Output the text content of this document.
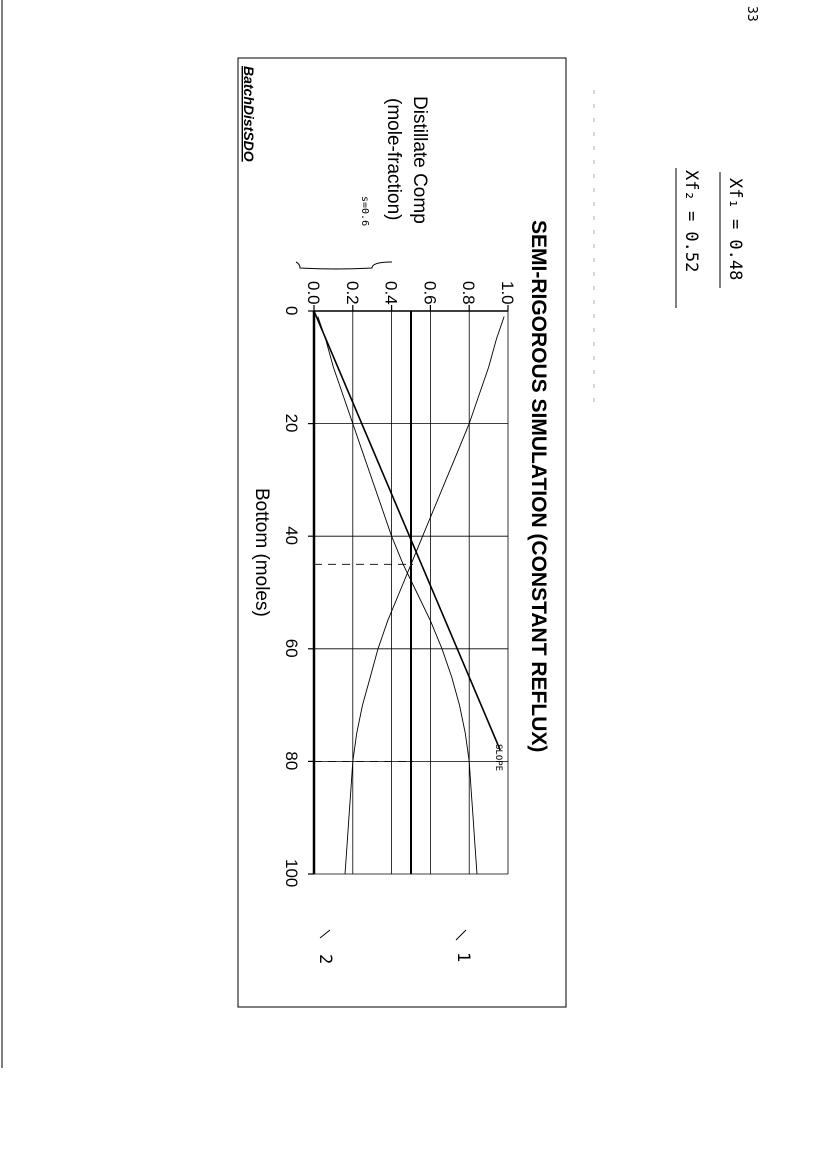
33
Xf₁ = 0.48
Xf₂ = 0.52
BatchDistSDO
SEMI-RIGOROUS SIMULATION (CONSTANT REFLUX)
Distillate Comp
(mole-fraction)
Bottom (moles)
s=0.6
SLOPE
1
2
0.0 0.2 0.4 0.6 0.8 1.0
0
20
40
60
80
100
